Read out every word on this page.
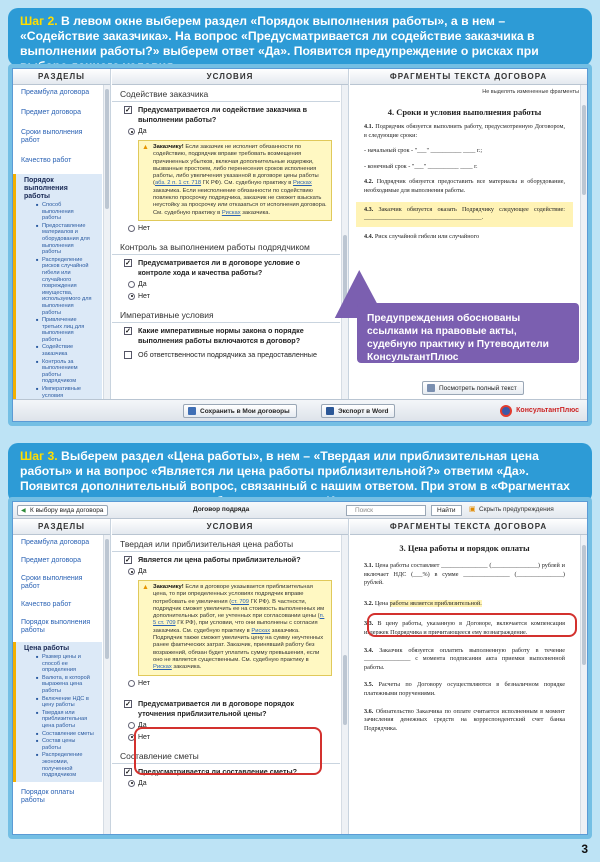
Шаг 2. В левом окне выберем раздел «Порядок выполнения работы», а в нем – «Содействие заказчика». На вопрос «Предусматривается ли содействие заказчика в выполнении работы?» выберем ответ «Да». Появится предупреждение о рисках при
РАЗДЕЛЫ
Преамбула договора
Предмет договора
Сроки выполнения работ
Качество работ
Порядок выполнения работы
■ Способ выполнения работы
■ Предоставление материалов и оборудования для выполнения работы
■ Распределение рисков случайной гибели или случайного повреждения имущества, используемого для выполнения работы
■ Привлечение третьих лиц для выполнения работы
■ Содействие заказчика
■ Контроль за выполнением работы подрядчиком
■ Императивные условия
УСЛОВИЯ
Содействие заказчика
✓ Предусматривается ли содействие заказчика в выполнении работы?
Да
▲ Заказчику! Если заказчик не исполнит обязанности по содействию, подрядчик вправе требовать возмещения причиненных убытков, включая дополнительные издержки, вызванные простоем, либо перенесения сроков исполнения работы, либо увеличения указанной в договоре цены работы (абз. 2 п. 1 ст. 718 ГК РФ). См. судебную практику в Рисках заказчика. Если неисполнение обязанности по содействию повлекло просрочку подрядчика, заказчик не сможет взыскать неустойку за просрочку или отказаться от исполнения договора. См. судебную практику в Рисках заказчика.
Нет
Контроль за выполнением работы подрядчиком
✓ Предусматривается ли в договоре условие о контроле хода и качества работы?
Да
Нет
Императивные условия
✓ Какие императивные нормы закона о порядке выполнения работы включаются в договор?
Об ответственности подрядчика за предоставленные
ФРАГМЕНТЫ ТЕКСТА ДОГОВОРА
Не выделять измененные фрагменты
4. Сроки и условия выполнения работы
4.1. Подрядчик обязуется выполнить работу, предусмотренную Договором, в следующие сроки:
- начальный срок - "___" __________ ____ г.;
- конечный срок - "___" __________ ____ г.
4.2. Подрядчик обязуется предоставить все материалы и оборудование, необходимые для выполнения работы.
4.3. Заказчик обязуется оказать Подрядчику следующее содействие: ______________________________________.
4.4. Риск случайной гибели или случайного
Посмотреть полный текст
Сохранить в Мои договоры	Экспорт в Word	КонсультантПлюс
Предупреждения обоснованы ссылками на правовые акты, судебную практику и Путеводители КонсультантПлюс
Шаг 3. Выберем раздел «Цена работы», в нем – «Твердая или приблизительная цена работы» и на вопрос «Является ли цена работы приблизительной?» ответим «Да». Появится дополнительный вопрос, связанный с нашим ответом. При этом в «Фрагментах
◀ К выбору вида договора	Договор подряда	Поиск	Найти
▣	Скрыть предупреждения
РАЗДЕЛЫ
Преамбула договора
Предмет договора
Сроки выполнения работ
Качество работ
Порядок выполнения работы
Цена работы
■ Размер цены и способ ее определения
■ Валюта, в которой выражена цена работы
■ Включение НДС в цену работы
■ Твердая или приблизительная цена работы
■ Составление сметы
■ Состав цены работы
■ Распределение экономии, полученной подрядчиком
Порядок оплаты работы
УСЛОВИЯ
Твердая или приблизительная цена работы
✓ Является ли цена работы приблизительной?
Да
▲ Заказчику! Если в договоре указывается приблизительная цена, то при определенных условиях подрядчик вправе потребовать ее увеличения (ст. 709 ГК РФ). В частности, подрядчик сможет увеличить ее на стоимость выполненных им дополнительных работ, не учтенных при согласовании цены (п. 5 ст. 709 ГК РФ), при условии, что они выполнены с согласия заказчика. См. судебную практику в Рисках заказчика. Подрядчик также сможет увеличить цену на сумму неучтенных ранее фактических затрат. Заказчик, принявший работу без возражений, обязан будет уплатить сумму превышения, если оно не является существенным. См. судебную практику в Рисках заказчика.
Нет
✓ Предусматривается ли в договоре порядок уточнения приблизительной цены?
Да
Нет
Составление сметы
✓ Предусматривается ли составление сметы?
Да
ФРАГМЕНТЫ ТЕКСТА ДОГОВОРА
3. Цена работы и порядок оплаты
3.1. Цена работы составляет _______________ (_______________) рублей и включает НДС (___%) в сумме _______________ (_______________) рублей.
3.2. Цена работы является приблизительной.
3.3. В цену работы, указанную в Договоре, включается компенсация издержек Подрядчика и причитающееся ему вознаграждение.
3.4. Заказчик обязуется оплатить выполненную работу в течение _______________ с момента подписания акта приемки выполненной работы.
3.5. Расчеты по Договору осуществляются в безналичном порядке платежными поручениями.
3.6. Обязательство Заказчика по оплате считается исполненным в момент зачисления денежных средств на корреспондентский счет банка Подрядчика.
3
